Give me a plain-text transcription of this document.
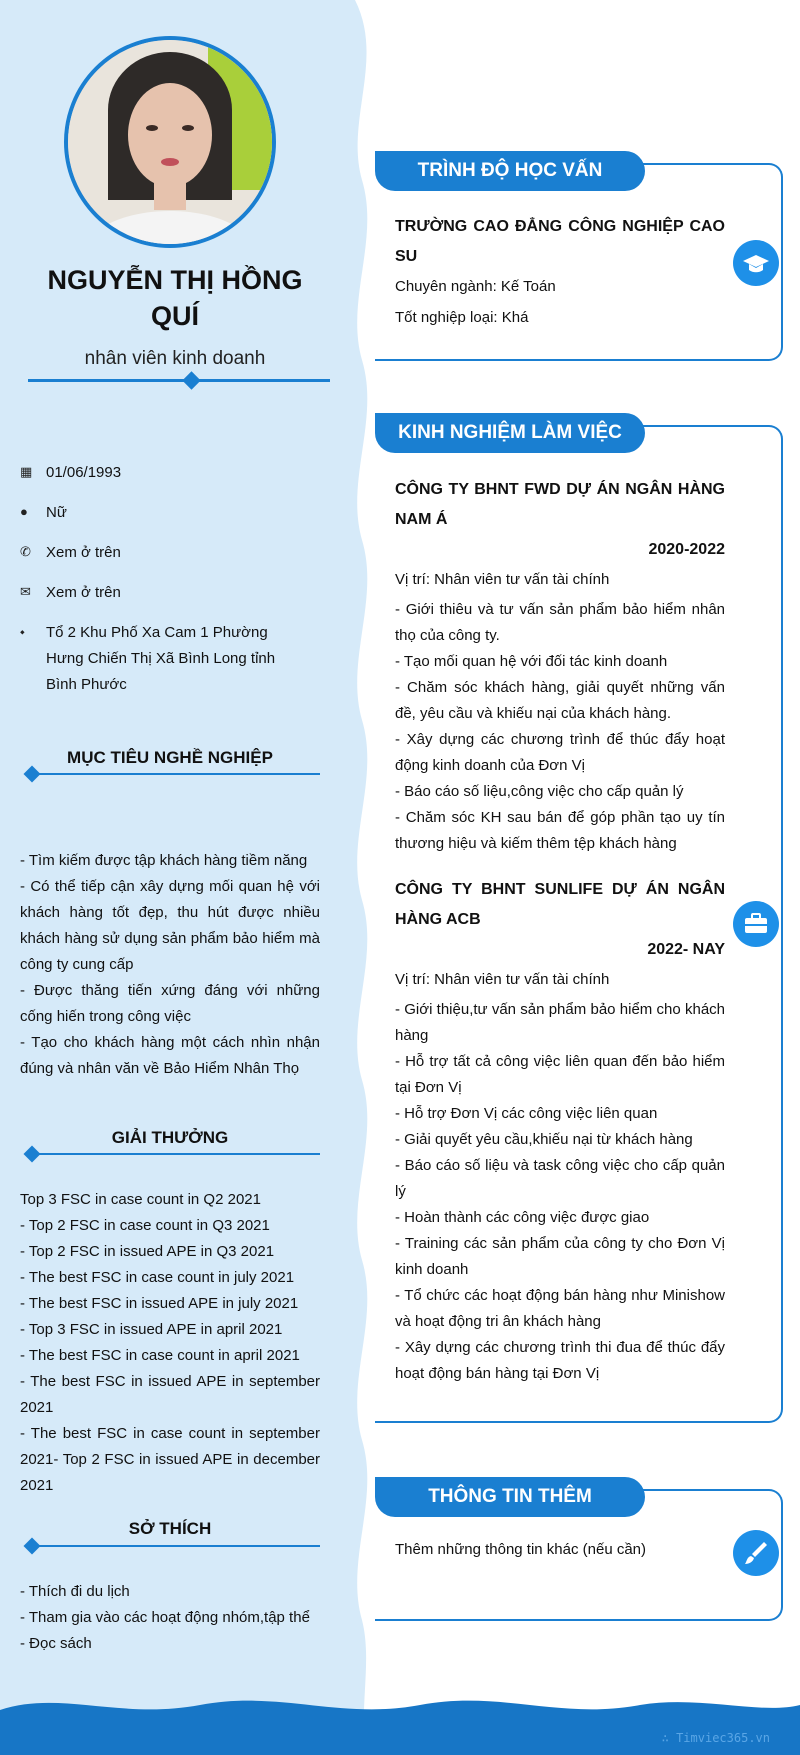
NGUYỄN THỊ HỒNG QUÍ
nhân viên kinh doanh
▦ 01/06/1993
●	Nữ
✆	Xem ở trên
✉	Xem ở trên
⬩	Tổ 2 Khu Phố Xa Cam 1 Phường Hưng Chiến Thị Xã Bình Long tỉnh Bình Phước
MỤC TIÊU NGHỀ NGHIỆP
- Tìm kiếm được tập khách hàng tiềm năng
- Có thể tiếp cận xây dựng mối quan hệ với khách hàng tốt đẹp, thu hút được nhiều khách hàng sử dụng sản phẩm bảo hiểm mà công ty cung cấp
- Được thăng tiến xứng đáng với những cống hiến trong công việc
- Tạo cho khách hàng một cách nhìn nhận đúng và nhân văn về Bảo Hiểm Nhân Thọ
GIẢI THƯỞNG
Top 3 FSC in case count in Q2 2021
- Top 2 FSC in case count in Q3 2021
- Top 2 FSC in issued APE in Q3 2021
- The best FSC in case count in july 2021
- The best FSC in issued APE in july 2021
- Top 3 FSC in issued APE in april 2021
- The best FSC in case count in april 2021
- The best FSC in issued APE in september 2021
- The best FSC in case count in september 2021- Top 2 FSC in issued APE in december 2021
SỞ THÍCH
- Thích đi du lịch
- Tham gia vào các hoạt động nhóm,tập thể
- Đọc sách
TRÌNH ĐỘ HỌC VẤN
TRƯỜNG CAO ĐẲNG CÔNG NGHIỆP CAO SU
Chuyên ngành: Kế Toán
Tốt nghiệp loại: Khá
KINH NGHIỆM LÀM VIỆC
CÔNG TY BHNT FWD DỰ ÁN NGÂN HÀNG NAM Á
2020-2022
Vị trí: Nhân viên tư vấn tài chính
- Giới thiêu và tư vấn sản phẩm bảo hiểm nhân thọ của công ty.
- Tạo mối quan hệ với đối tác kinh doanh
- Chăm sóc khách hàng, giải quyết những vấn đề, yêu cầu và khiếu nại của khách hàng.
- Xây dựng các chương trình để thúc đẩy hoạt động kinh doanh của Đơn Vị
- Báo cáo số liệu,công việc cho cấp quản lý
- Chăm sóc KH sau bán để góp phần tạo uy tín thương hiệu và kiếm thêm tệp khách hàng
CÔNG TY BHNT SUNLIFE DỰ ÁN NGÂN HÀNG ACB
2022- NAY
Vị trí: Nhân viên tư vấn tài chính
- Giới thiệu,tư vấn sản phẩm bảo hiểm cho khách hàng
- Hỗ trợ tất cả công việc liên quan đến bảo hiểm tại Đơn Vị
- Hỗ trợ Đơn Vị các công việc liên quan
- Giải quyết yêu cầu,khiếu nại từ khách hàng
- Báo cáo số liệu và task công việc cho cấp quản lý
- Hoàn thành các công việc được giao
- Training các sản phẩm của công ty cho Đơn Vị kinh doanh
- Tổ chức các hoạt động bán hàng như Minishow và hoạt động tri ân khách hàng
- Xây dựng các chương trình thi đua để thúc đẩy hoạt động bán hàng tại Đơn Vị
THÔNG TIN THÊM
Thêm những thông tin khác (nếu cần)
∴ Timviec365.vn
